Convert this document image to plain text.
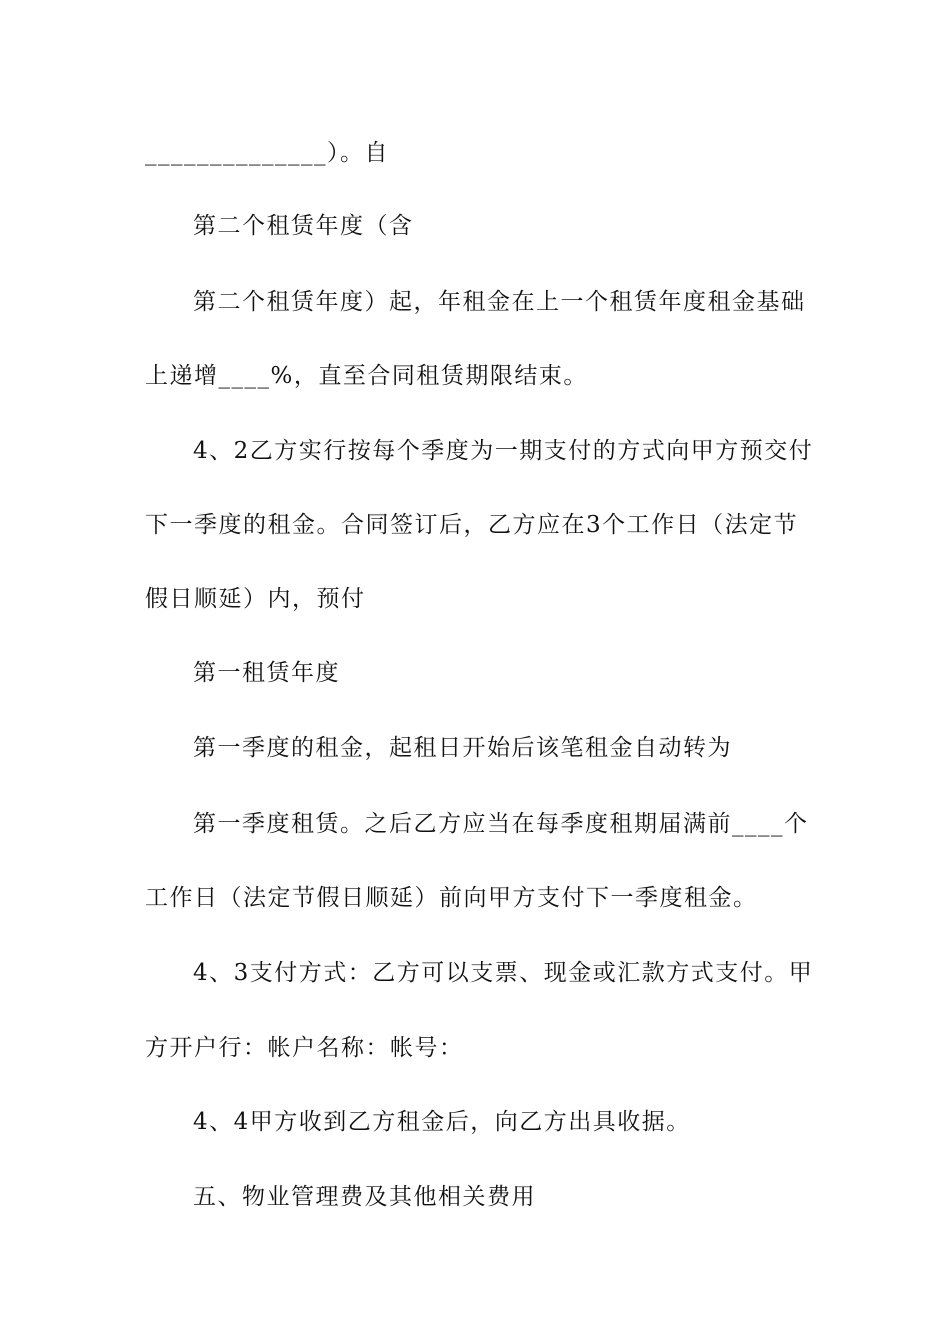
______________）。自
第二个租赁年度（含
第二个租赁年度）起，年租金在上一个租赁年度租金基础
上递增____%，直至合同租赁期限结束。
4、2乙方实行按每个季度为一期支付的方式向甲方预交付
下一季度的租金。合同签订后，乙方应在3个工作日（法定节
假日顺延）内，预付
第一租赁年度
第一季度的租金，起租日开始后该笔租金自动转为
第一季度租赁。之后乙方应当在每季度租期届满前____个
工作日（法定节假日顺延）前向甲方支付下一季度租金。
4、3支付方式：乙方可以支票、现金或汇款方式支付。甲
方开户行：帐户名称：帐号：
4、4甲方收到乙方租金后，向乙方出具收据。
五、物业管理费及其他相关费用
